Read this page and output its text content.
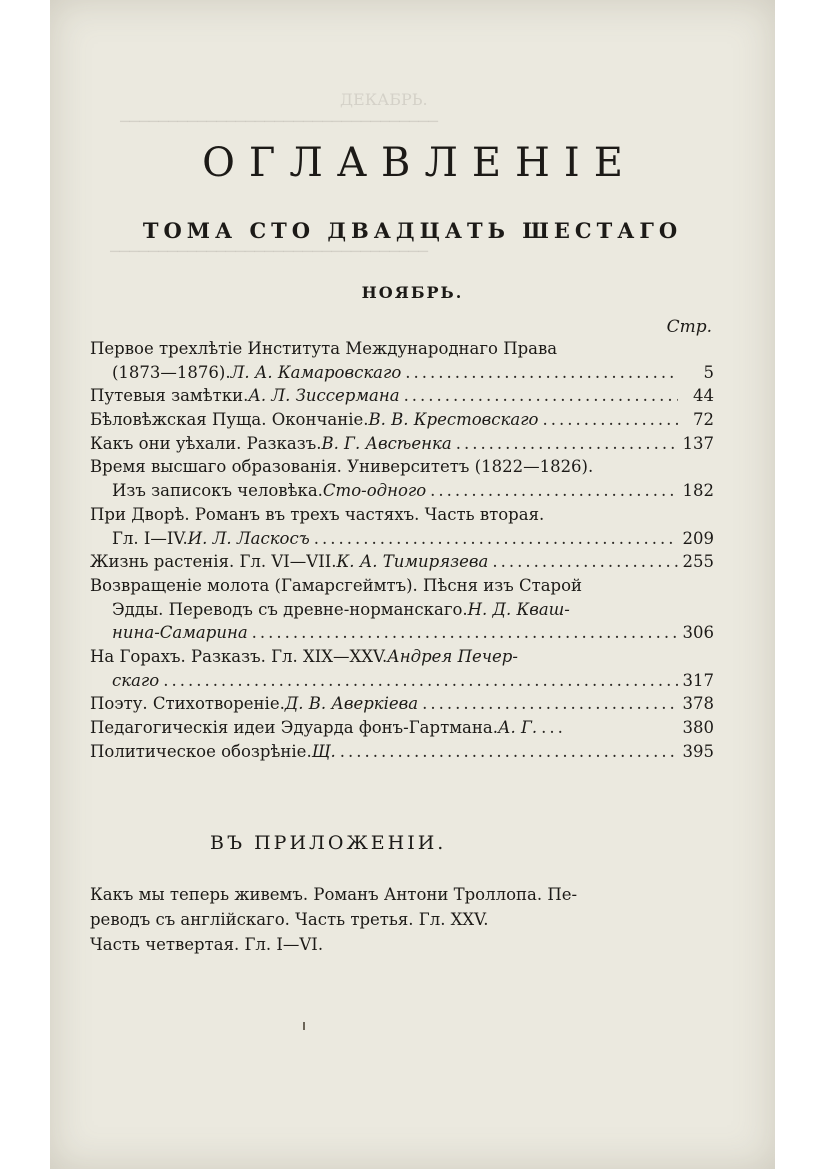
ДЕКАБРЬ.
─────────────────────────────────
─────────────────────────────────
ОГЛАВЛЕНІЕ
ТОМА СТО ДВАДЦАТЬ ШЕСТАГО
НОЯБРЬ.
Стр.
Первое трехлѣтіе Института Международнаго Права
(1873—1876). Л. А. Камаровскаго .....	5
Путевыя замѣтки. А. Л. Зиссермана .....	44
Бѣловѣжская Пуща. Окончаніе. В. В. Крестовскаго .....	72
Какъ они уѣхали. Разказъ. В. Г. Авсѣенка .....	137
Время высшаго образованія. Университетъ (1822—1826).
Изъ записокъ человѣка. Сто-одного .....	182
При Дворѣ. Романъ въ трехъ частяхъ. Часть вторая.
Гл. I—IV. И. Л. Ласкосъ .....	209
Жизнь растенія. Гл. VI—VII. К. А. Тимирязева .....	255
Возвращеніе молота (Гамарсгеймтъ). Пѣсня изъ Старой
Эдды. Переводъ съ древне-норманскаго. Н. Д. Кваш-
нина-Самарина .....	306
На Горахъ. Разказъ. Гл. XIX—XXV. Андрея Печер-
скаго .....	317
Поэту. Стихотвореніе. Д. В. Аверкіева .....	378
Педагогическія идеи Эдуарда фонъ-Гартмана. А. Г. .....	380
Политическое обозрѣніе. Щ. .....	395
ВЪ ПРИЛОЖЕНІИ.
Какъ мы теперь живемъ. Романъ Антони Троллопа. Пе-
реводъ съ англійскаго. Часть третья. Гл. XXV.
Часть четвертая. Гл. I—VI.
